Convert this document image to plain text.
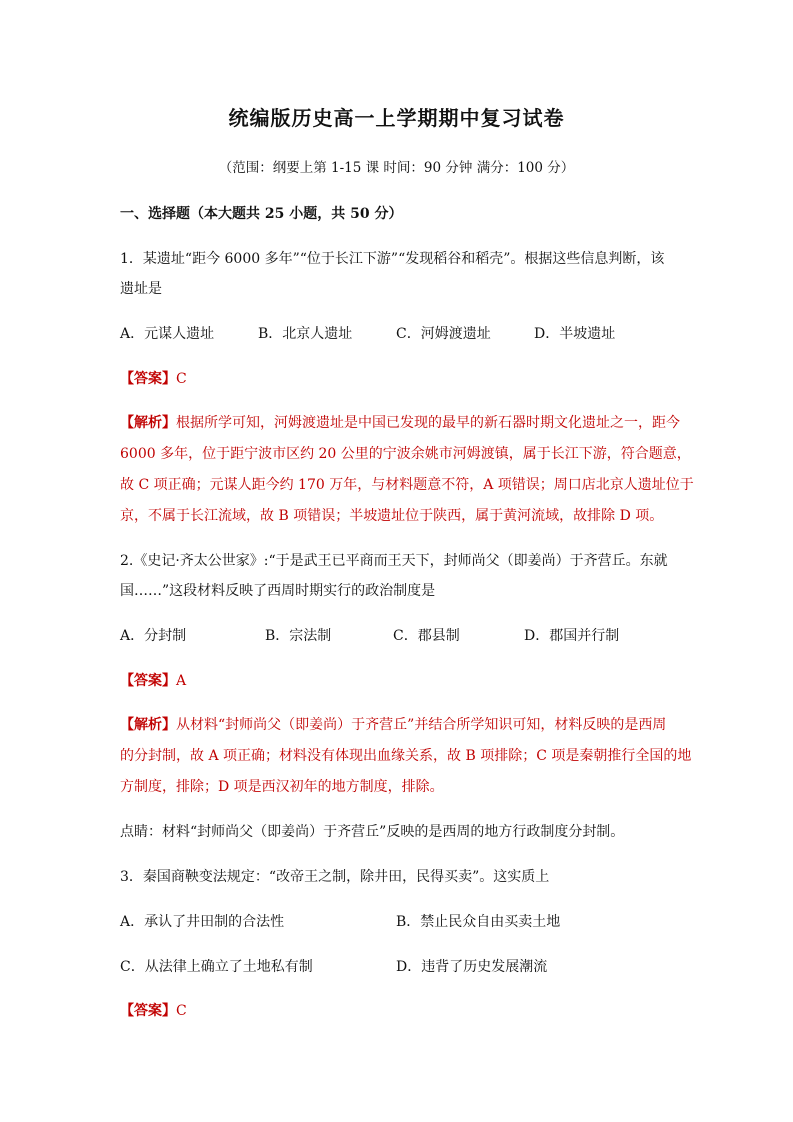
统编版历史高一上学期期中复习试卷
（范围：纲要上第 1-15 课 时间：90 分钟 满分：100 分）
一、选择题（本大题共 25 小题，共 50 分）
1．某遗址“距今 6000 多年”“位于长江下游”“发现稻谷和稻壳”。根据这些信息判断，该
遗址是
A．元谋人遗址	B．北京人遗址	C．河姆渡遗址	D．半坡遗址
【答案】C
【解析】根据所学可知，河姆渡遗址是中国已发现的最早的新石器时期文化遗址之一，距今
6000 多年，位于距宁波市区约 20 公里的宁波余姚市河姆渡镇，属于长江下游，符合题意，
故 C 项正确；元谋人距今约 170 万年，与材料题意不符，A 项错误；周口店北京人遗址位于
京，不属于长江流域，故 B 项错误；半坡遗址位于陕西，属于黄河流域，故排除 D 项。
2.《史记·齐太公世家》:“于是武王已平商而王天下，封师尚父（即姜尚）于齐营丘。东就
国……”这段材料反映了西周时期实行的政治制度是
A．分封制	B．宗法制	C．郡县制	D．郡国并行制
【答案】A
【解析】从材料“封师尚父（即姜尚）于齐营丘”并结合所学知识可知，材料反映的是西周
的分封制，故 A 项正确；材料没有体现出血缘关系，故 B 项排除；C 项是秦朝推行全国的地
方制度，排除；D 项是西汉初年的地方制度，排除。
点睛：材料“封师尚父（即姜尚）于齐营丘”反映的是西周的地方行政制度分封制。
3．秦国商鞅变法规定：“改帝王之制，除井田，民得买卖”。这实质上
A．承认了井田制的合法性	B．禁止民众自由买卖土地
C．从法律上确立了土地私有制	D．违背了历史发展潮流
【答案】C
